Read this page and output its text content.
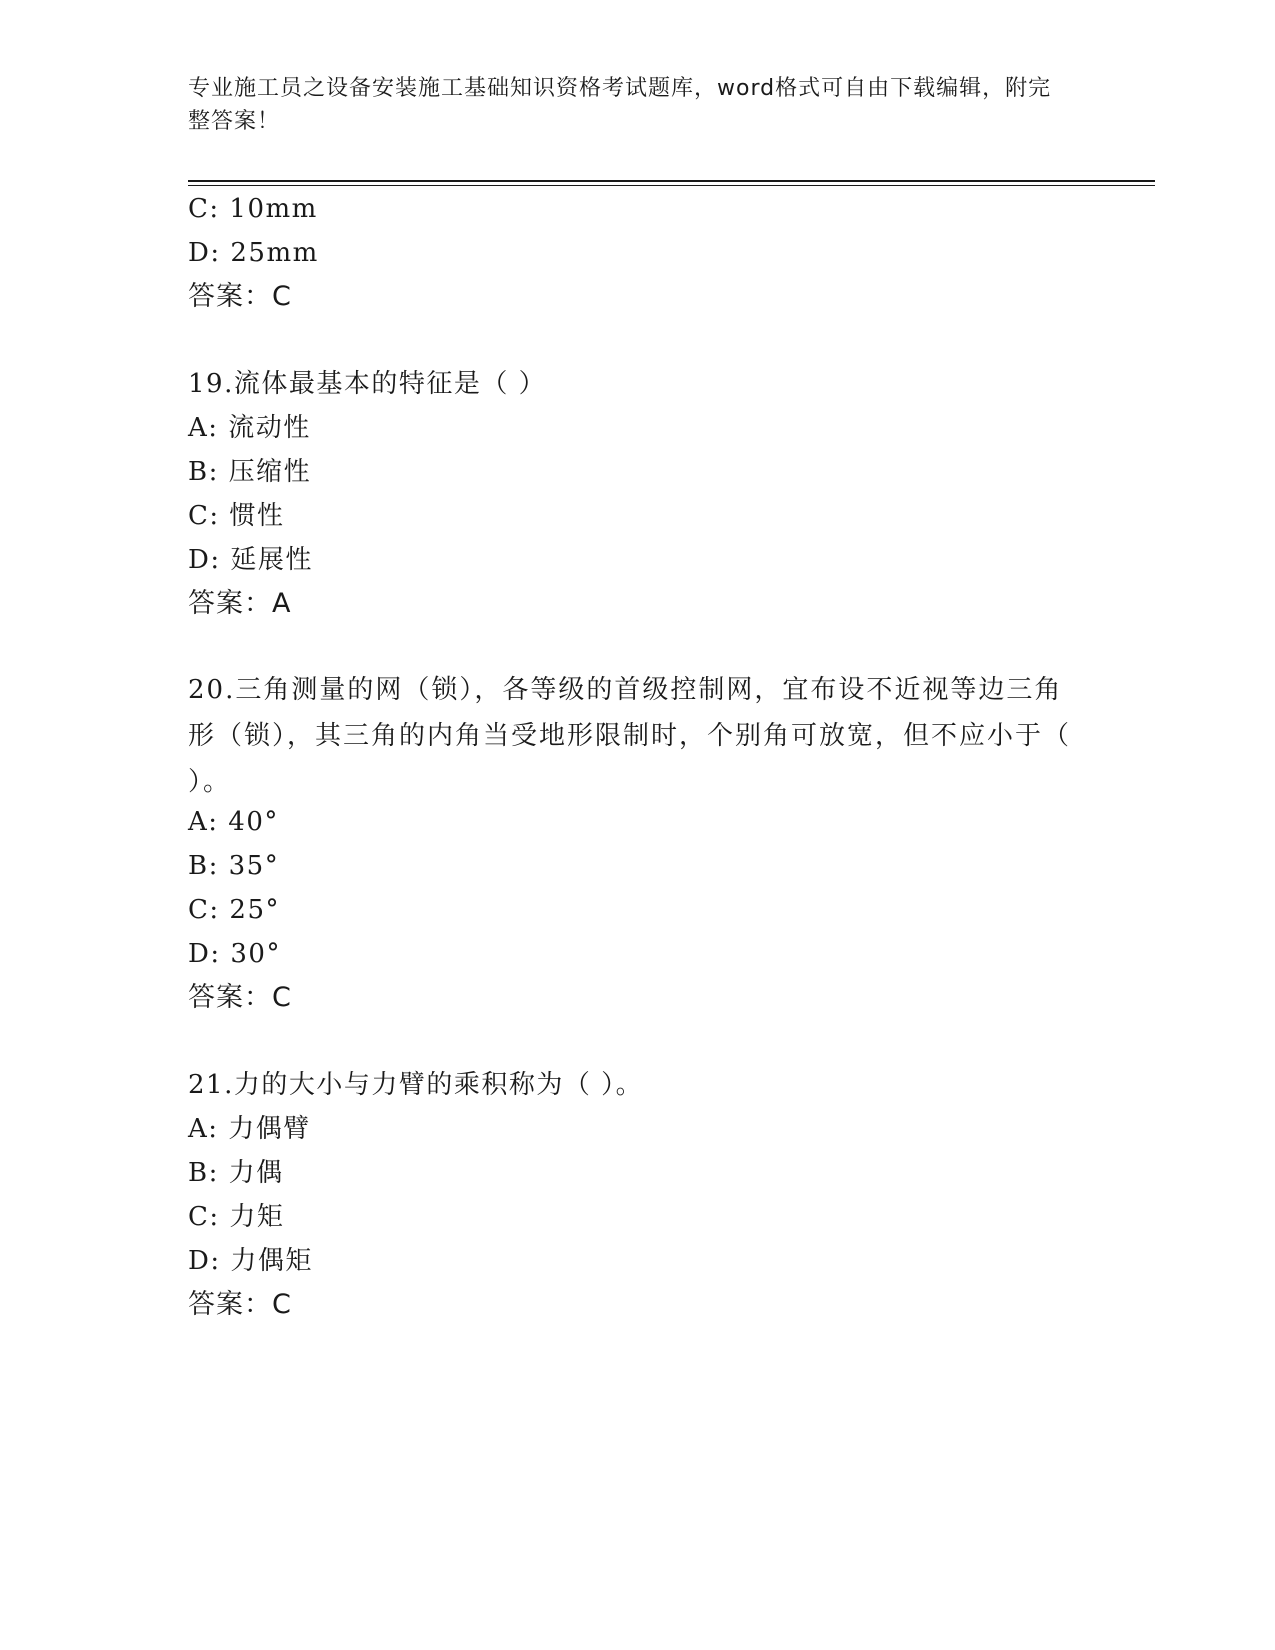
专业施工员之设备安装施工基础知识资格考试题库，word格式可自由下载编辑，附完整答案！
C: 10mm
D: 25mm
答案：C
19.流体最基本的特征是（ ）
A: 流动性
B: 压缩性
C: 惯性
D: 延展性
答案：A
20.三角测量的网（锁），各等级的首级控制网，宜布设不近视等边三角形（锁），其三角的内角当受地形限制时，个别角可放宽，但不应小于（ ）。
A: 40°
B: 35°
C: 25°
D: 30°
答案：C
21.力的大小与力臂的乘积称为（ ）。
A: 力偶臂
B: 力偶
C: 力矩
D: 力偶矩
答案：C
